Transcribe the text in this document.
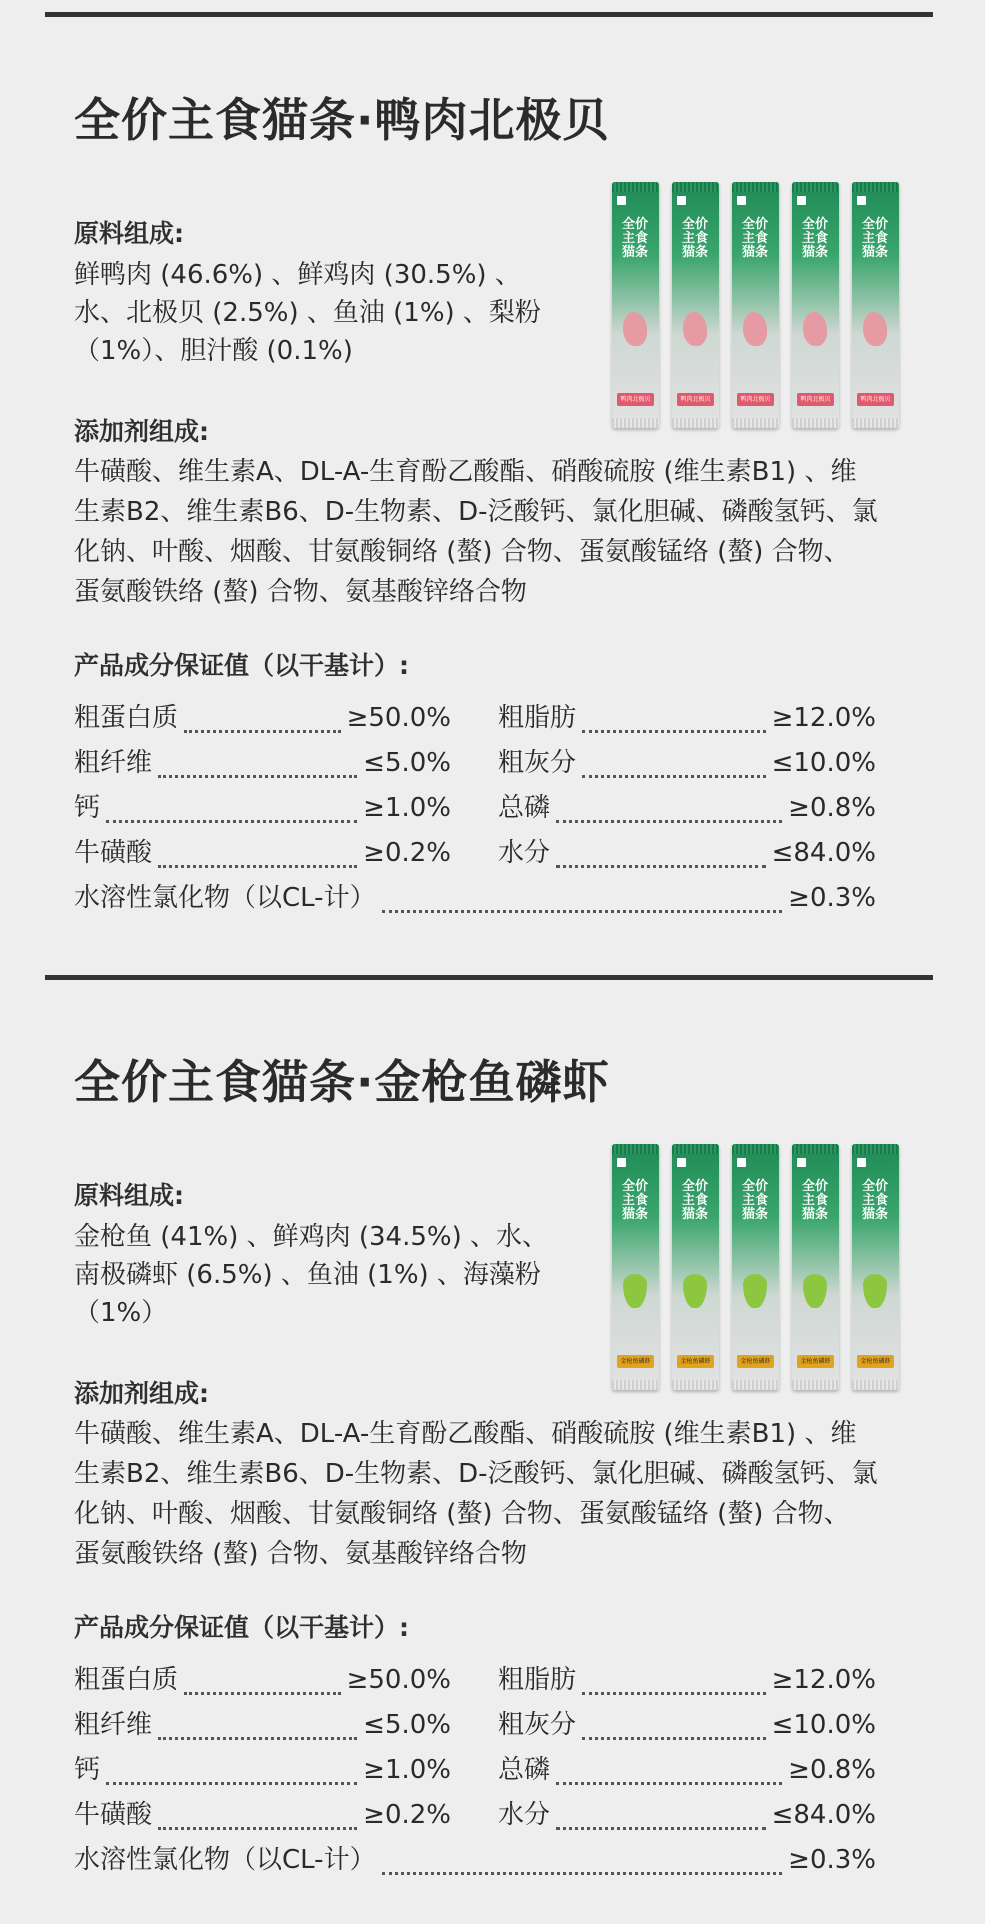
全价主食猫条·鸭肉北极贝
原料组成:
鲜鸭肉 (46.6%) 、鲜鸡肉 (30.5%) 、
水、北极贝 (2.5%) 、鱼油 (1%) 、梨粉
（1%）、胆汁酸 (0.1%)
全价主食猫条
鸭肉北极贝
全价主食猫条
鸭肉北极贝
全价主食猫条
鸭肉北极贝
全价主食猫条
鸭肉北极贝
全价主食猫条
鸭肉北极贝
添加剂组成:
牛磺酸、维生素A、DL-A-生育酚乙酸酯、硝酸硫胺 (维生素B1) 、维
生素B2、维生素B6、D-生物素、D-泛酸钙、氯化胆碱、磷酸氢钙、氯
化钠、叶酸、烟酸、甘氨酸铜络 (螯) 合物、蛋氨酸锰络 (螯) 合物、
蛋氨酸铁络 (螯) 合物、氨基酸锌络合物
产品成分保证值（以干基计）:
粗蛋白质	≥50.0% 粗脂肪	≥12.0%
粗纤维	≤5.0% 粗灰分	≤10.0%
钙	≥1.0% 总磷	≥0.8%
牛磺酸	≥0.2% 水分	≤84.0%
水溶性氯化物（以CL-计）	≥0.3%
全价主食猫条·金枪鱼磷虾
原料组成:
金枪鱼 (41%) 、鲜鸡肉 (34.5%) 、水、
南极磷虾 (6.5%) 、鱼油 (1%) 、海藻粉
（1%）
全价主食猫条
金枪鱼磷虾
全价主食猫条
金枪鱼磷虾
全价主食猫条
金枪鱼磷虾
全价主食猫条
金枪鱼磷虾
全价主食猫条
金枪鱼磷虾
添加剂组成:
牛磺酸、维生素A、DL-A-生育酚乙酸酯、硝酸硫胺 (维生素B1) 、维
生素B2、维生素B6、D-生物素、D-泛酸钙、氯化胆碱、磷酸氢钙、氯
化钠、叶酸、烟酸、甘氨酸铜络 (螯) 合物、蛋氨酸锰络 (螯) 合物、
蛋氨酸铁络 (螯) 合物、氨基酸锌络合物
产品成分保证值（以干基计）:
粗蛋白质	≥50.0% 粗脂肪	≥12.0%
粗纤维	≤5.0% 粗灰分	≤10.0%
钙	≥1.0% 总磷	≥0.8%
牛磺酸	≥0.2% 水分	≤84.0%
水溶性氯化物（以CL-计）	≥0.3%
